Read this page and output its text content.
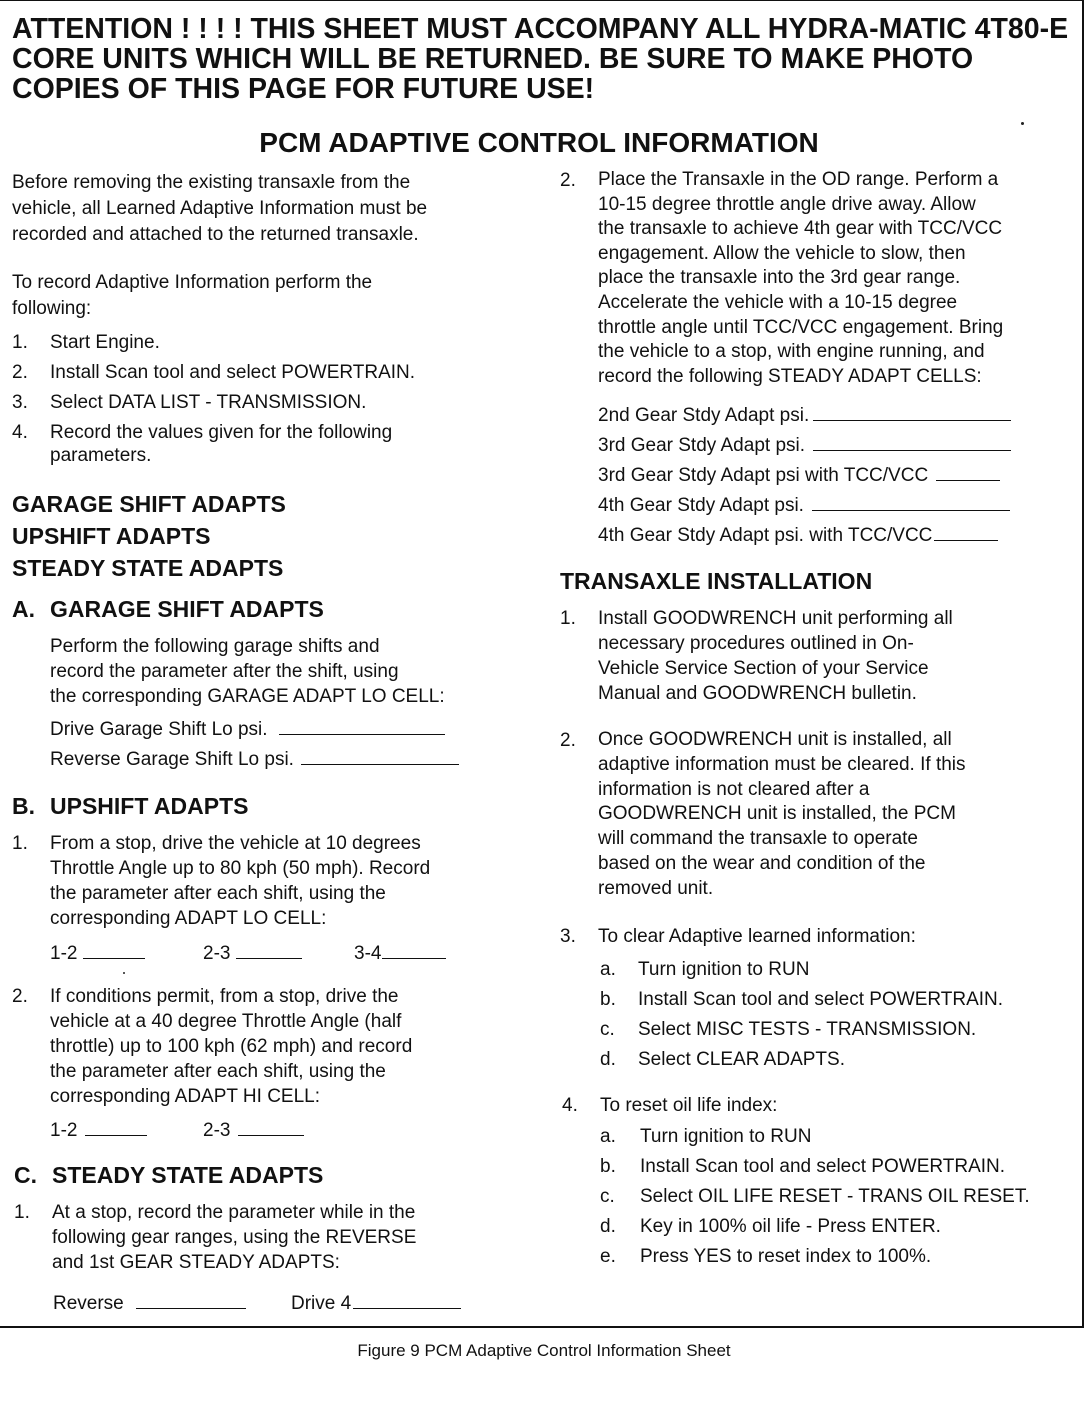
ATTENTION ! ! ! ! THIS SHEET MUST ACCOMPANY ALL HYDRA-MATIC 4T80-E CORE UNITS WHICH WILL BE RETURNED. BE SURE TO MAKE PHOTO COPIES OF THIS PAGE FOR FUTURE USE!
PCM ADAPTIVE CONTROL INFORMATION
Before removing the existing transaxle from the
vehicle, all Learned Adaptive Information must be
recorded and attached to the returned transaxle.
To record Adaptive Information perform the
following:
1. Start Engine.
2. Install Scan tool and select POWERTRAIN.
3. Select DATA LIST - TRANSMISSION.
4. Record the values given for the following
parameters.
GARAGE SHIFT ADAPTS
UPSHIFT ADAPTS
STEADY STATE ADAPTS
A. GARAGE SHIFT ADAPTS
Perform the following garage shifts and
record the parameter after the shift, using
the corresponding GARAGE ADAPT LO CELL:
Drive Garage Shift Lo psi.
Reverse Garage Shift Lo psi.
B. UPSHIFT ADAPTS
1. From a stop, drive the vehicle at 10 degrees
Throttle Angle up to 80 kph (50 mph). Record
the parameter after each shift, using the
corresponding ADAPT LO CELL:
1-2	2-3	3-4
2. If conditions permit, from a stop, drive the
vehicle at a 40 degree Throttle Angle (half
throttle) up to 100 kph (62 mph) and record
the parameter after each shift, using the
corresponding ADAPT HI CELL:
1-2	2-3
C. STEADY STATE ADAPTS
1. At a stop, record the parameter while in the
following gear ranges, using the REVERSE
and 1st GEAR STEADY ADAPTS:
Reverse	Drive 4
2. Place the Transaxle in the OD range. Perform a
10-15 degree throttle angle drive away. Allow
the transaxle to achieve 4th gear with TCC/VCC
engagement. Allow the vehicle to slow, then
place the transaxle into the 3rd gear range.
Accelerate the vehicle with a 10-15 degree
throttle angle until TCC/VCC engagement. Bring
the vehicle to a stop, with engine running, and
record the following STEADY ADAPT CELLS:
2nd Gear Stdy Adapt psi.
3rd Gear Stdy Adapt psi.
3rd Gear Stdy Adapt psi with TCC/VCC
4th Gear Stdy Adapt psi.
4th Gear Stdy Adapt psi. with TCC/VCC
TRANSAXLE INSTALLATION
1. Install GOODWRENCH unit performing all
necessary procedures outlined in On-
Vehicle Service Section of your Service
Manual and GOODWRENCH bulletin.
2. Once GOODWRENCH unit is installed, all
adaptive information must be cleared. If this
information is not cleared after a
GOODWRENCH unit is installed, the PCM
will command the transaxle to operate
based on the wear and condition of the
removed unit.
3. To clear Adaptive learned information:
a. Turn ignition to RUN
b. Install Scan tool and select POWERTRAIN.
c. Select MISC TESTS - TRANSMISSION.
d. Select CLEAR ADAPTS.
4. To reset oil life index:
a. Turn ignition to RUN
b. Install Scan tool and select POWERTRAIN.
c. Select OIL LIFE RESET - TRANS OIL RESET.
d. Key in 100% oil life - Press ENTER.
e. Press YES to reset index to 100%.
Figure 9 PCM Adaptive Control Information Sheet
